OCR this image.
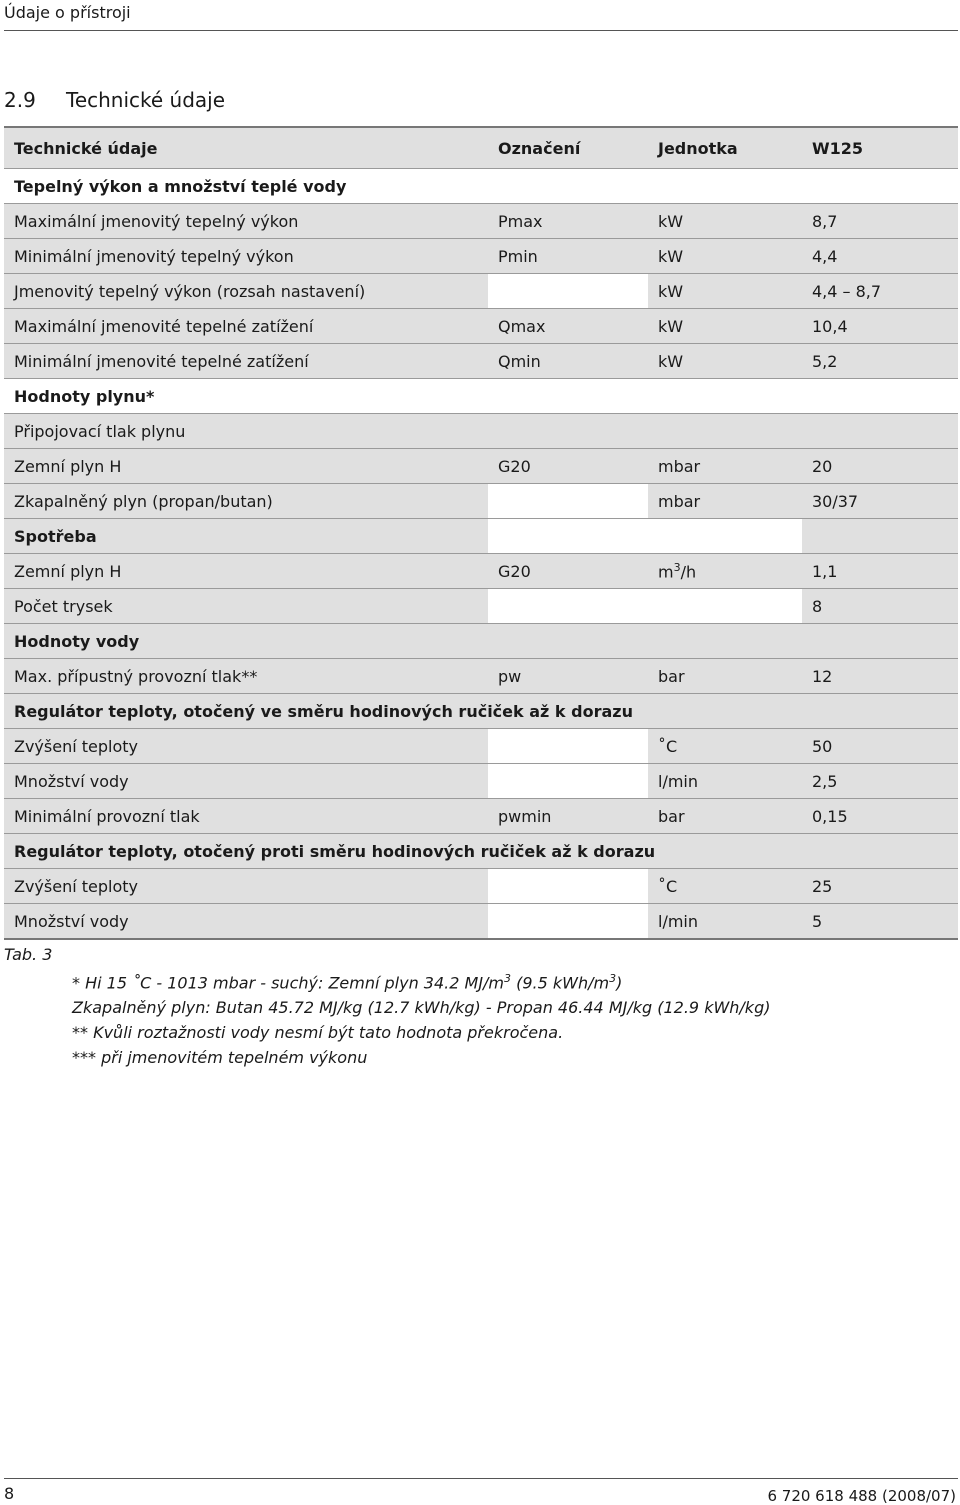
Údaje o přístroji
2.9 Technické údaje
Technické údaje	Označení	Jednotka	W125
Tepelný výkon a množství teplé vody			
Maximální jmenovitý tepelný výkon	Pmax	kW	8,7
Minimální jmenovitý tepelný výkon	Pmin	kW	4,4
Jmenovitý tepelný výkon (rozsah nastavení)		kW	4,4 – 8,7
Maximální jmenovité tepelné zatížení	Qmax	kW	10,4
Minimální jmenovité tepelné zatížení	Qmin	kW	5,2
Hodnoty plynu*			
Připojovací tlak plynu			
Zemní plyn H	G20	mbar	20
Zkapalněný plyn (propan/butan)		mbar	30/37
Spotřeba			
Zemní plyn H	G20	$m^3/h$	1,1
Počet trysek			8
Hodnoty vody			
Max. přípustný provozní tlak**	pw	bar	12
Regulátor teploty, otočený ve směru hodinových ručiček až k dorazu			
Zvýšení teploty		˚C	50
Množství vody		l/min	2,5
Minimální provozní tlak	pwmin	bar	0,15
Regulátor teploty, otočený proti směru hodinových ručiček až k dorazu			
Zvýšení teploty		˚C	25
Množství vody		l/min	5
Tab. 3
* Hi 15 ˚C - 1013 mbar - suchý: Zemní plyn 34.2 $MJ/m^3$ (9.5 kWh/$m^3$)
Zkapalněný plyn: Butan 45.72 MJ/kg (12.7 kWh/kg) - Propan 46.44 MJ/kg (12.9 kWh/kg)
** Kvůli roztažnosti vody nesmí být tato hodnota překročena.
*** při jmenovitém tepelném výkonu
8	6 720 618 488 (2008/07)
